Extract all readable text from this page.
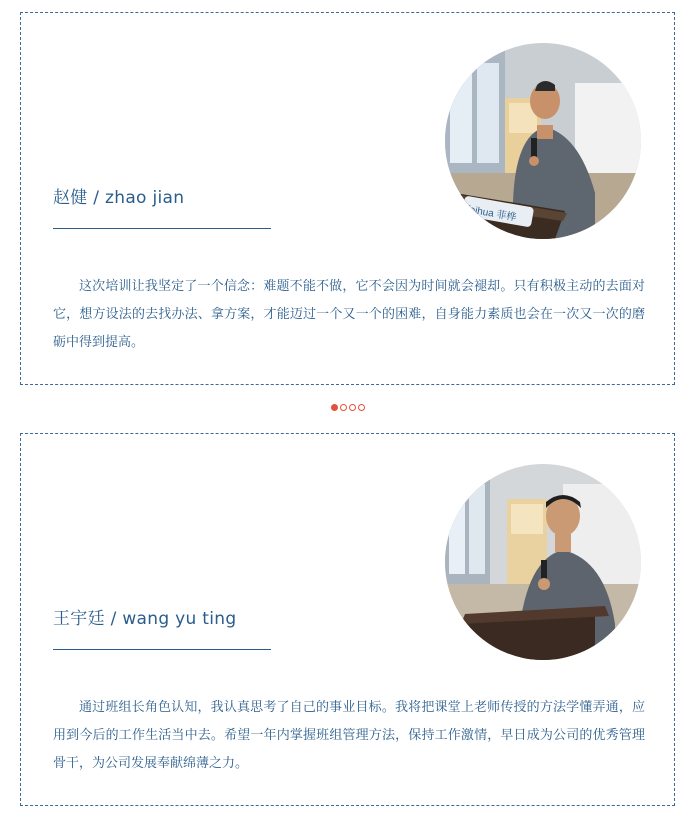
feihua 菲桦
赵健 / zhao jian
这次培训让我坚定了一个信念：难题不能不做，它不会因为时间就会褪却。只有积极主动的去面对它，想方设法的去找办法、拿方案，才能迈过一个又一个的困难，自身能力素质也会在一次又一次的磨砺中得到提高。
王宇廷 / wang yu ting
通过班组长角色认知，我认真思考了自己的事业目标。我将把课堂上老师传授的方法学懂弄通，应用到今后的工作生活当中去。希望一年内掌握班组管理方法，保持工作激情，早日成为公司的优秀管理骨干，为公司发展奉献绵薄之力。
